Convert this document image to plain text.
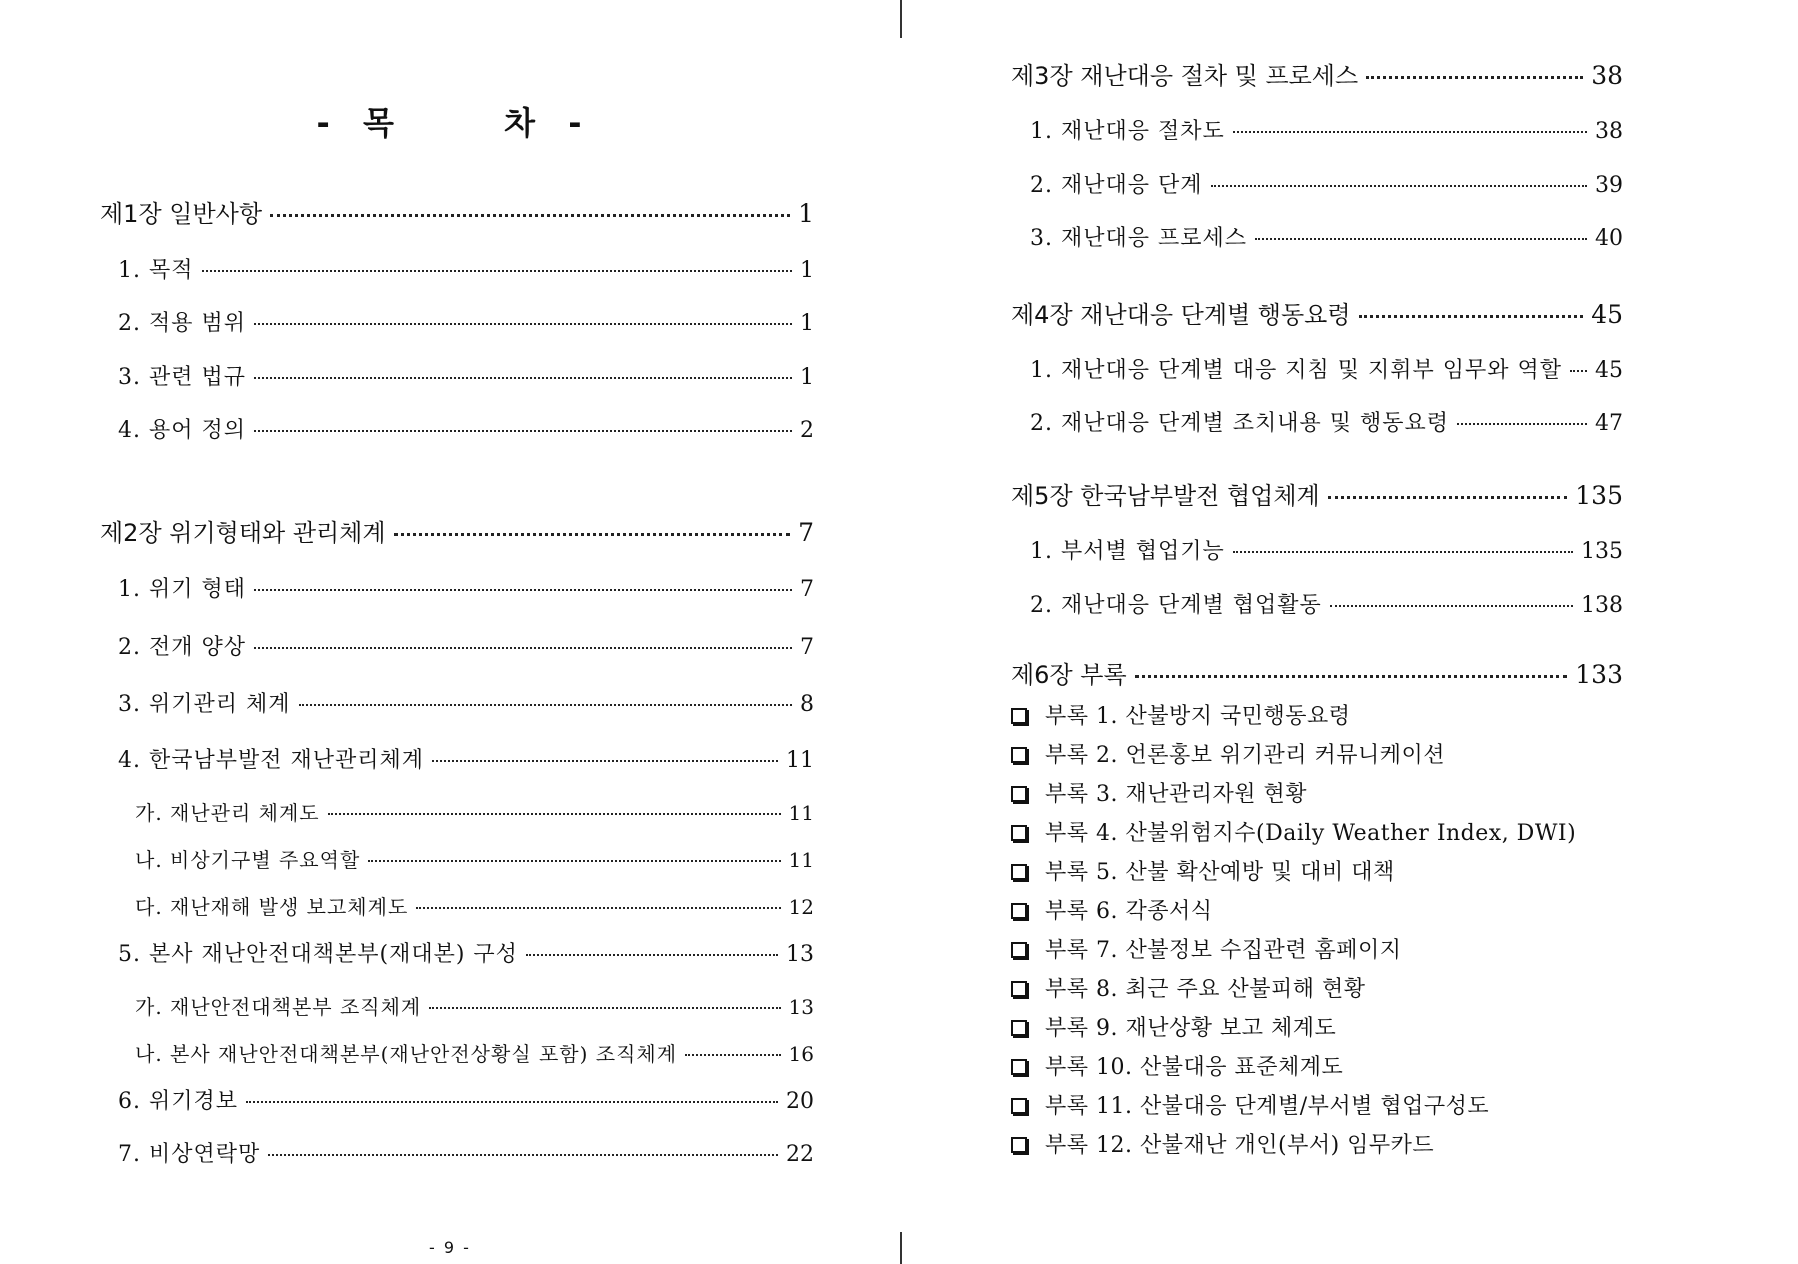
- 목	차 -
제1장 일반사항	1
1. 목적	1
2. 적용 범위	1
3. 관련 법규	1
4. 용어 정의	2
제2장 위기형태와 관리체계	7
1. 위기 형태	7
2. 전개 양상	7
3. 위기관리 체계	8
4. 한국남부발전 재난관리체계	11
가. 재난관리 체계도	11
나. 비상기구별 주요역할	11
다. 재난재해 발생 보고체계도	12
5. 본사 재난안전대책본부(재대본) 구성	13
가. 재난안전대책본부 조직체계	13
나. 본사 재난안전대책본부(재난안전상황실 포함) 조직체계	16
6. 위기경보	20
7. 비상연락망	22
- 9 -
제3장 재난대응 절차 및 프로세스	38
1. 재난대응 절차도	38
2. 재난대응 단계	39
3. 재난대응 프로세스	40
제4장 재난대응 단계별 행동요령	45
1. 재난대응 단계별 대응 지침 및 지휘부 임무와 역할 45
2. 재난대응 단계별 조치내용 및 행동요령	47
제5장 한국남부발전 협업체계	135
1. 부서별 협업기능	135
2. 재난대응 단계별 협업활동	138
제6장 부록	133
부록 1. 산불방지 국민행동요령
부록 2. 언론홍보 위기관리 커뮤니케이션
부록 3. 재난관리자원 현황
부록 4. 산불위험지수(Daily Weather Index, DWI)
부록 5. 산불 확산예방 및 대비 대책
부록 6. 각종서식
부록 7. 산불정보 수집관련 홈페이지
부록 8. 최근 주요 산불피해 현황
부록 9. 재난상황 보고 체계도
부록 10. 산불대응 표준체계도
부록 11. 산불대응 단계별/부서별 협업구성도
부록 12. 산불재난 개인(부서) 임무카드
